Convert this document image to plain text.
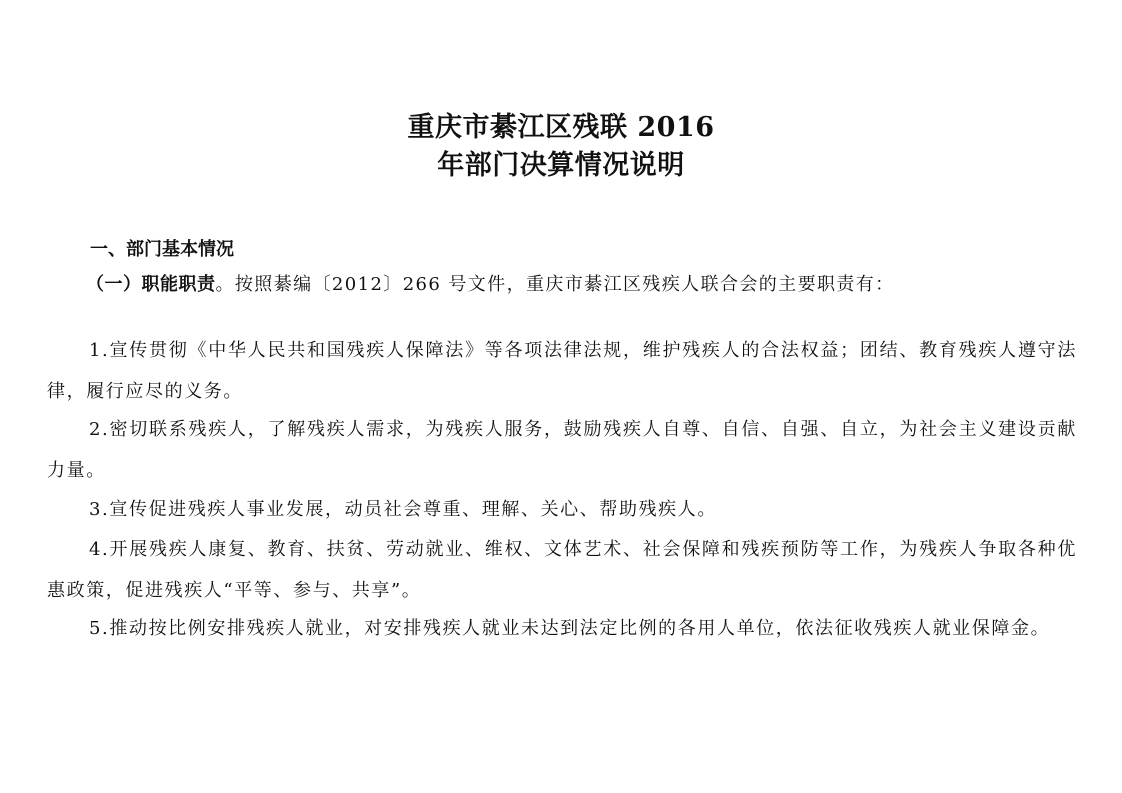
重庆市綦江区残联 2016
年部门决算情况说明
一、部门基本情况
（一）职能职责。按照綦编〔2012〕266 号文件，重庆市綦江区残疾人联合会的主要职责有：

1.宣传贯彻《中华人民共和国残疾人保障法》等各项法律法规，维护残疾人的合法权益；团结、教育残疾人遵守法律，履行应尽的义务。

2.密切联系残疾人，了解残疾人需求，为残疾人服务，鼓励残疾人自尊、自信、自强、自立，为社会主义建设贡献力量。

3.宣传促进残疾人事业发展，动员社会尊重、理解、关心、帮助残疾人。

4.开展残疾人康复、教育、扶贫、劳动就业、维权、文体艺术、社会保障和残疾预防等工作，为残疾人争取各种优惠政策，促进残疾人“平等、参与、共享”。

5.推动按比例安排残疾人就业，对安排残疾人就业未达到法定比例的各用人单位，依法征收残疾人就业保障金。
